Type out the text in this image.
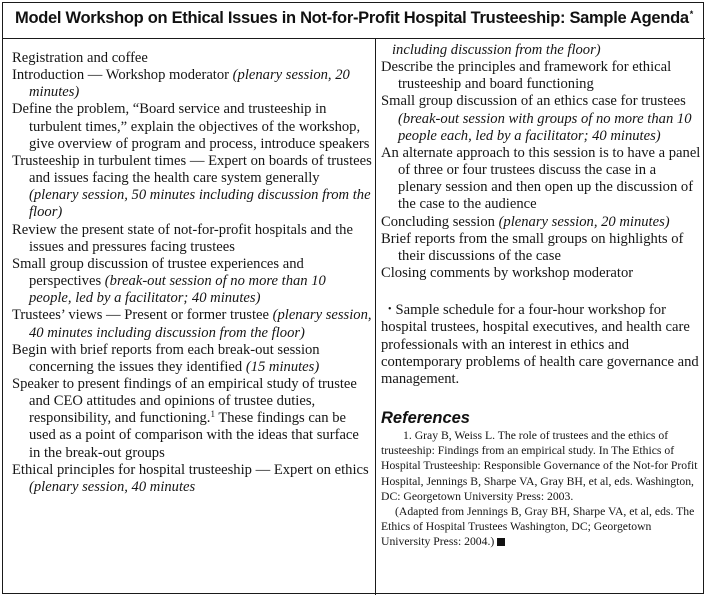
Model Workshop on Ethical Issues in Not-for-Profit Hospital Trusteeship: Sample Agenda*

Registration and coffee

Introduction — Workshop moderator (plenary session, 20 minutes)

Define the problem, “Board service and trusteeship in turbulent times,” explain the objectives of the workshop, give overview of program and process, introduce speakers

Trusteeship in turbulent times — Expert on boards of trustees and issues facing the health care system generally (plenary session, 50 minutes including discussion from the floor)

Review the present state of not-for-profit hospitals and the issues and pressures facing trustees

Small group discussion of trustee experiences and perspectives (break-out session of no more than 10 people, led by a facilitator; 40 minutes)

Trustees’ views — Present or former trustee (plenary session, 40 minutes including discussion from the floor)

Begin with brief reports from each break-out session concerning the issues they identified (15 minutes)

Speaker to present findings of an empirical study of trustee and CEO attitudes and opinions of trustee duties, responsibility, and functioning.$^1$ These findings can be used as a point of comparison with the ideas that surface in the break-out groups

Ethical principles for hospital trusteeship — Expert on ethics (plenary session, 40 minutes

including discussion from the floor)

Describe the principles and framework for ethical trusteeship and board functioning

Small group discussion of an ethics case for trustees (break-out session with groups of no more than 10 people each, led by a facilitator; 40 minutes)

An alternate approach to this session is to have a panel of three or four trustees discuss the case in a plenary session and then open up the discussion of the case to the audience

Concluding session (plenary session, 20 minutes)

Brief reports from the small groups on highlights of their discussions of the case

Closing comments by workshop moderator

• Sample schedule for a four-hour workshop for hospital trustees, hospital executives, and health care professionals with an interest in ethics and contemporary problems of health care governance and management.

References

1. Gray B, Weiss L. The role of trustees and the ethics of trusteeship: Findings from an empirical study. In The Ethics of Hospital Trusteeship: Responsible Governance of the Not-for Profit Hospital, Jennings B, Sharpe VA, Gray BH, et al, eds. Washington, DC: Georgetown University Press: 2003.

(Adapted from Jennings B, Gray BH, Sharpe VA, et al, eds. The Ethics of Hospital Trustees Washington, DC; Georgetown University Press: 2004.)
